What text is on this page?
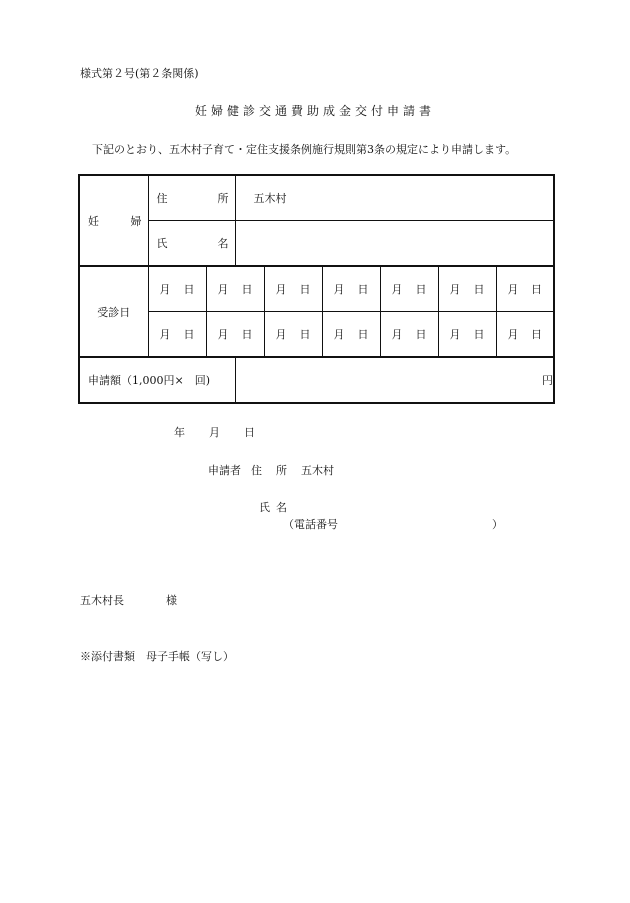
様式第２号(第２条関係)
妊婦健診交通費助成金交付申請書
下記のとおり、五木村子育て・定住支援条例施行規則第3条の規定により申請します。
妊 婦	住 所		五木村					

	氏 名							

受診日	月 日	月 日		月 日	月 日	月 日	月 日	月 日

	月 日	月 日		月 日	月 日	月 日	月 日	月 日

申請額（1,000円×　回)			円					
年 月 日
申請者 住 所 五木村
氏 名
（電話番号	）
五木村長	様
※添付書類　母子手帳（写し）
